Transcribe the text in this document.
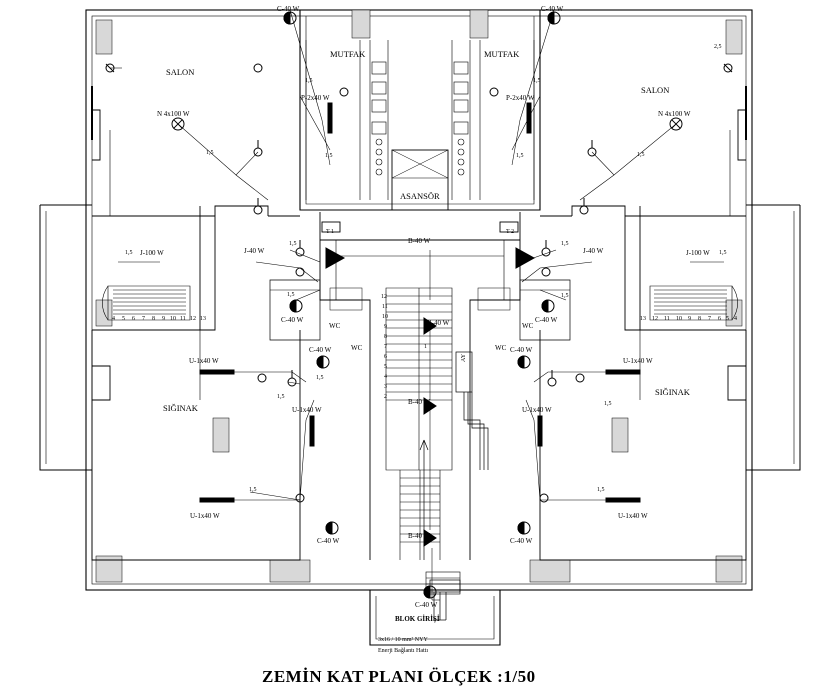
SALON
MUTFAK	MUTFAK
SALON
ASANSÖR
SIĞINAK
SIĞINAK
WC
WC
WC
WC
C-40 W	C-40 W
1,5	1,5
P-2x40 W	P-2x40 W
N 4x100 W	N 4x100 W
1,5	1,5
1,5	1,5
1,5 J-100 W	J-100 W 1,5
J-40 W	J-40 W
1,5	1,5
B-40 W
1,5	1,5
C-40 W	C-40 W
B-40 W
C-40 W	C-40 W
1,5
1,5
U-1x40 W	U-1x40 W
1,5
U-1x40 W	U-1x40 W
B-40 W
1,5	1,5
U-1x40 W	U-1x40 W
C-40 W	C-40 W
B-40 W
C-40 W
2,5
AY
T 1	T 2
4 5 6 7 8 9 10 11 12 13	13 12 11 10 9 8 7 6 5 4
12
11
10
9
8
7
6
5
4
3
2
1
BLOK GİRİŞİ
3x16 / 10 mm² NYY
Enerji Bağlantı Hattı
ZEMİN KAT PLANI ÖLÇEK :1/50
